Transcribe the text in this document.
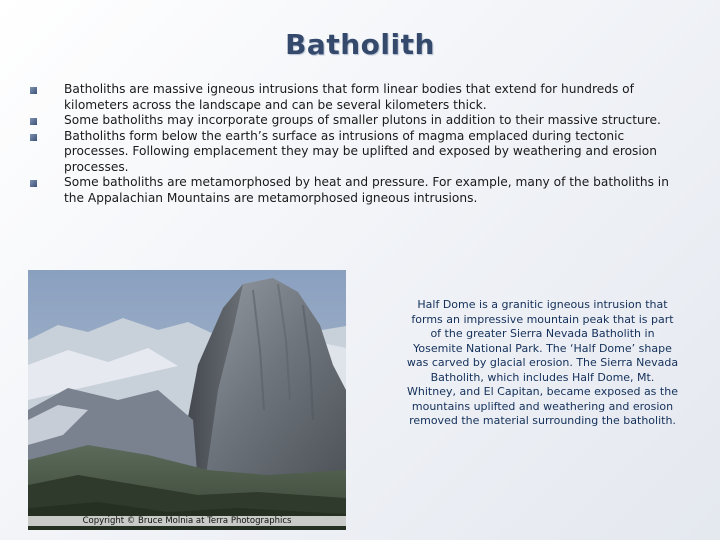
Batholith
Batholiths are massive igneous intrusions that form linear bodies that extend for hundreds of kilometers across the landscape and can be several kilometers thick.
Some batholiths may incorporate groups of smaller plutons in addition to their massive structure.
Batholiths form below the earth’s surface as intrusions of magma emplaced during tectonic processes. Following emplacement they may be uplifted and exposed by weathering and erosion processes.
Some batholiths are metamorphosed by heat and pressure. For example, many of the batholiths in the Appalachian Mountains are metamorphosed igneous intrusions.
Copyright © Bruce Molnia at Terra Photographics
Half Dome is a granitic igneous intrusion that forms an impressive mountain peak that is part of the greater Sierra Nevada Batholith in Yosemite National Park. The ‘Half Dome’ shape was carved by glacial erosion. The Sierra Nevada Batholith, which includes Half Dome, Mt. Whitney, and El Capitan, became exposed as the mountains uplifted and weathering and erosion removed the material surrounding the batholith.
